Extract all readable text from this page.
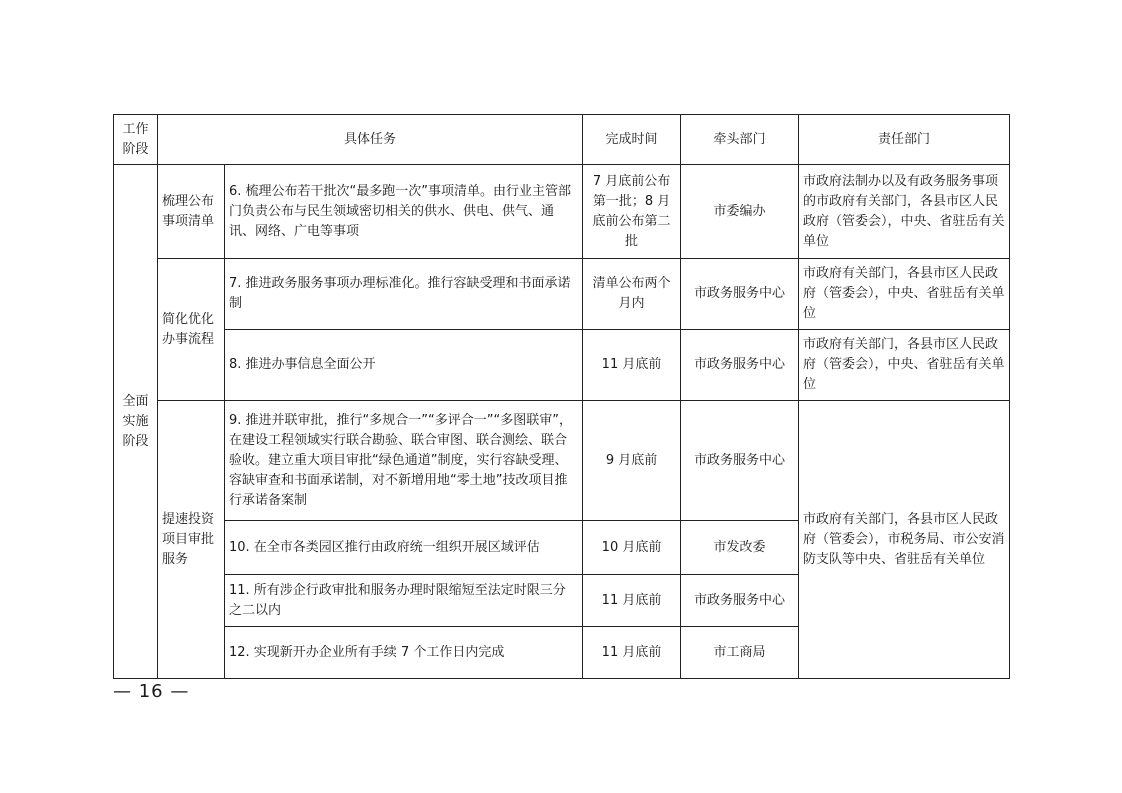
工作阶段	具体任务		完成时间	牵头部门	责任部门
全面实施阶段	梳理公布事项清单	6. 梳理公布若干批次“最多跑一次”事项清单。由行业主管部门负责公布与民生领域密切相关的供水、供电、供气、通讯、网络、广电等事项	7 月底前公布第一批；8 月底前公布第二批	市委编办	市政府法制办以及有政务服务事项的市政府有关部门，各县市区人民政府（管委会），中央、省驻岳有关单位
	简化优化办事流程	7. 推进政务服务事项办理标准化。推行容缺受理和书面承诺制	清单公布两个月内	市政务服务中心	市政府有关部门，各县市区人民政府（管委会），中央、省驻岳有关单位
		8. 推进办事信息全面公开	11 月底前	市政务服务中心	市政府有关部门，各县市区人民政府（管委会），中央、省驻岳有关单位
	提速投资项目审批服务	9. 推进并联审批，推行“多规合一”“多评合一”“多图联审”，在建设工程领域实行联合勘验、联合审图、联合测绘、联合验收。建立重大项目审批“绿色通道”制度，实行容缺受理、容缺审查和书面承诺制，对不新增用地“零土地”技改项目推行承诺备案制	9 月底前	市政务服务中心	市政府有关部门，各县市区人民政府（管委会），市税务局、市公安消防支队等中央、省驻岳有关单位
		10. 在全市各类园区推行由政府统一组织开展区域评估	10 月底前	市发改委	
		11. 所有涉企行政审批和服务办理时限缩短至法定时限三分之二以内	11 月底前	市政务服务中心	
		12. 实现新开办企业所有手续 7 个工作日内完成	11 月底前	市工商局	
— 16 —
